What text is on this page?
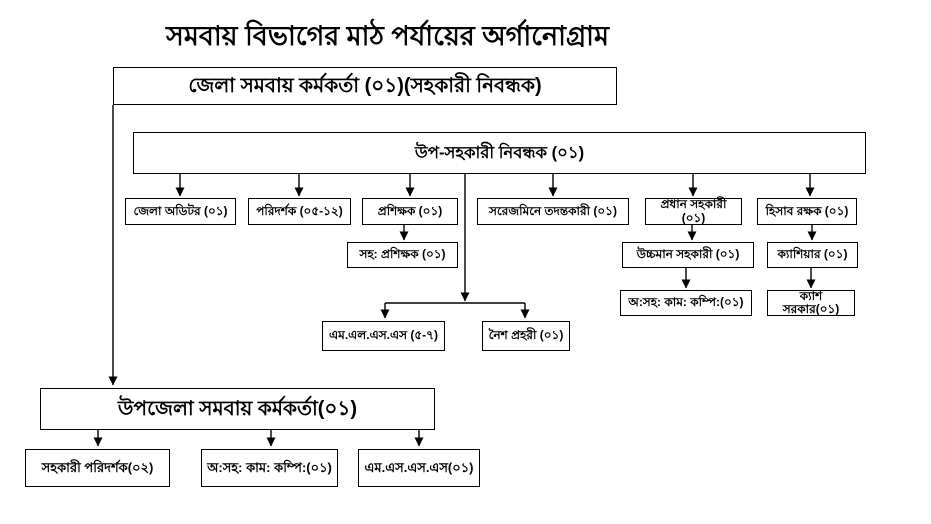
সমবায় বিভাগের মাঠ পর্যায়ের অর্গানোগ্রাম
জেলা সমবায় কর্মকর্তা (০১)(সহকারী নিবন্ধক)
উপ-সহকারী নিবন্ধক (০১)
জেলা অডিটর (০১)	পরিদর্শক (০৫-১২)	প্রশিক্ষক (০১)	সরেজমিনে তদন্তকারী (০১)	প্রধান সহকারী (০১)	হিসাব রক্ষক (০১)
সহ: প্রশিক্ষক (০১)	উচ্চমান সহকারী (০১)	ক্যাশিয়ার (০১)
অ:সহ: কাম: কম্পি:(০১)	ক্যাশ সরকার(০১)
এম.এল.এস.এস (৫-৭)	নৈশ প্রহরী (০১)
উপজেলা সমবায় কর্মকর্তা(০১)
সহকারী পরিদর্শক(০২)	অ:সহ: কাম: কম্পি:(০১)	এম.এস.এস.এস(০১)
